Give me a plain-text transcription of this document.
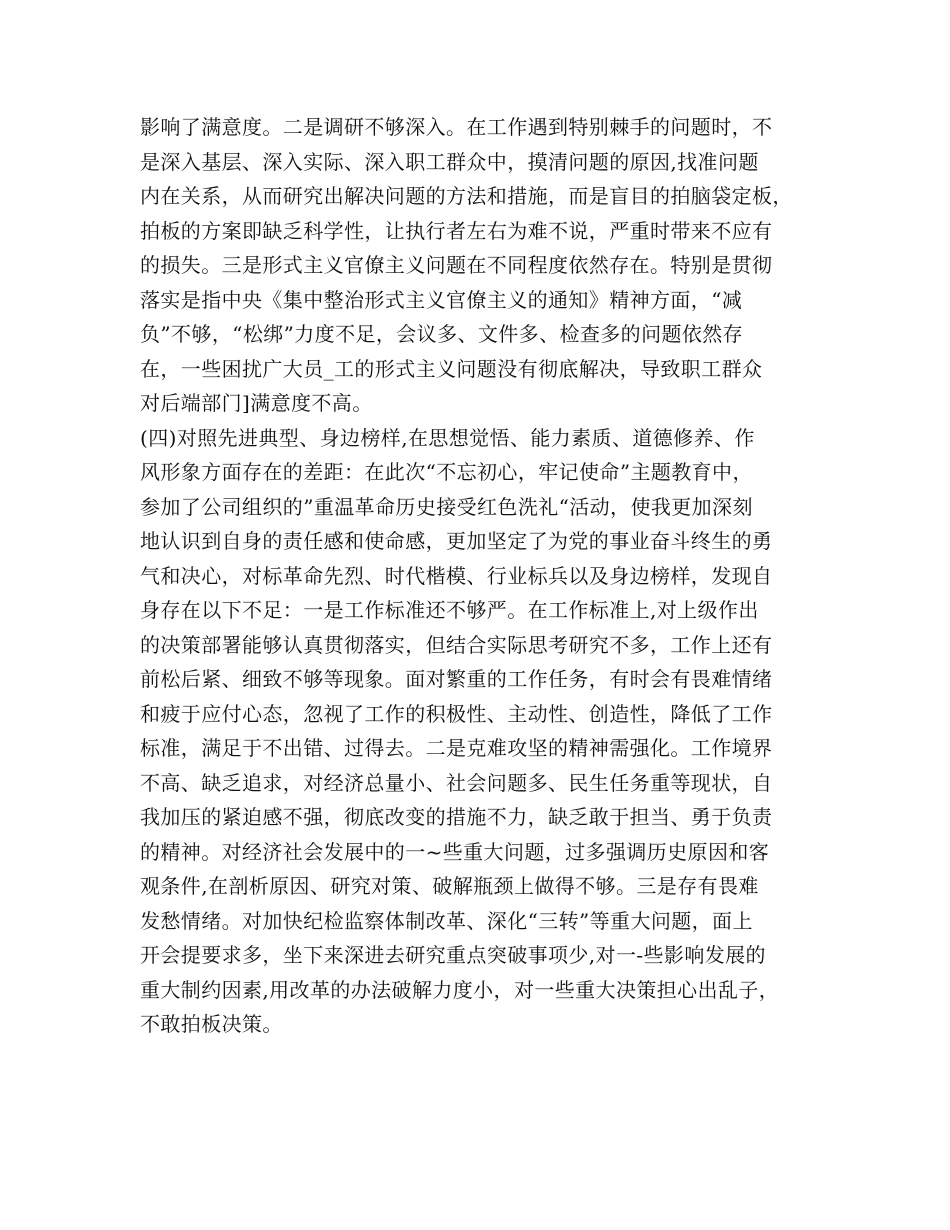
影响了满意度。二是调研不够深入。在工作遇到特别棘手的问题时，不
是深入基层、深入实际、深入职工群众中，摸清问题的原因,找准问题
内在关系，从而研究出解决问题的方法和措施，而是盲目的拍脑袋定板，
拍板的方案即缺乏科学性，让执行者左右为难不说，严重时带来不应有
的损失。三是形式主义官僚主义问题在不同程度依然存在。特别是贯彻
落实是指中央《集中整治形式主义官僚主义的通知》精神方面，“减
负”不够，“松绑”力度不足，会议多、文件多、检查多的问题依然存
在，一些困扰广大员_工的形式主义问题没有彻底解决，导致职工群众
对后端部门]满意度不高。
(四)对照先进典型、身边榜样,在思想觉悟、能力素质、道德修养、作
风形象方面存在的差距：在此次“不忘初心，牢记使命”主题教育中，
参加了公司组织的”重温革命历史接受红色洗礼“活动，使我更加深刻
地认识到自身的责任感和使命感，更加坚定了为党的事业奋斗终生的勇
气和决心，对标革命先烈、时代楷模、行业标兵以及身边榜样，发现自
身存在以下不足：一是工作标准还不够严。在工作标准上,对上级作出
的决策部署能够认真贯彻落实，但结合实际思考研究不多，工作上还有
前松后紧、细致不够等现象。面对繁重的工作任务，有时会有畏难情绪
和疲于应付心态，忽视了工作的积极性、主动性、创造性，降低了工作
标准，满足于不出错、过得去。二是克难攻坚的精神需强化。工作境界
不高、缺乏追求，对经济总量小、社会问题多、民生任务重等现状，自
我加压的紧迫感不强，彻底改变的措施不力，缺乏敢于担当、勇于负责
的精神。对经济社会发展中的一~些重大问题，过多强调历史原因和客
观条件,在剖析原因、研究对策、破解瓶颈上做得不够。三是存有畏难
发愁情绪。对加快纪检监察体制改革、深化“三转”等重大问题，面上
开会提要求多，坐下来深进去研究重点突破事项少,对一-些影响发展的
重大制约因素,用改革的办法破解力度小，对一些重大决策担心出乱子，
不敢拍板决策。
